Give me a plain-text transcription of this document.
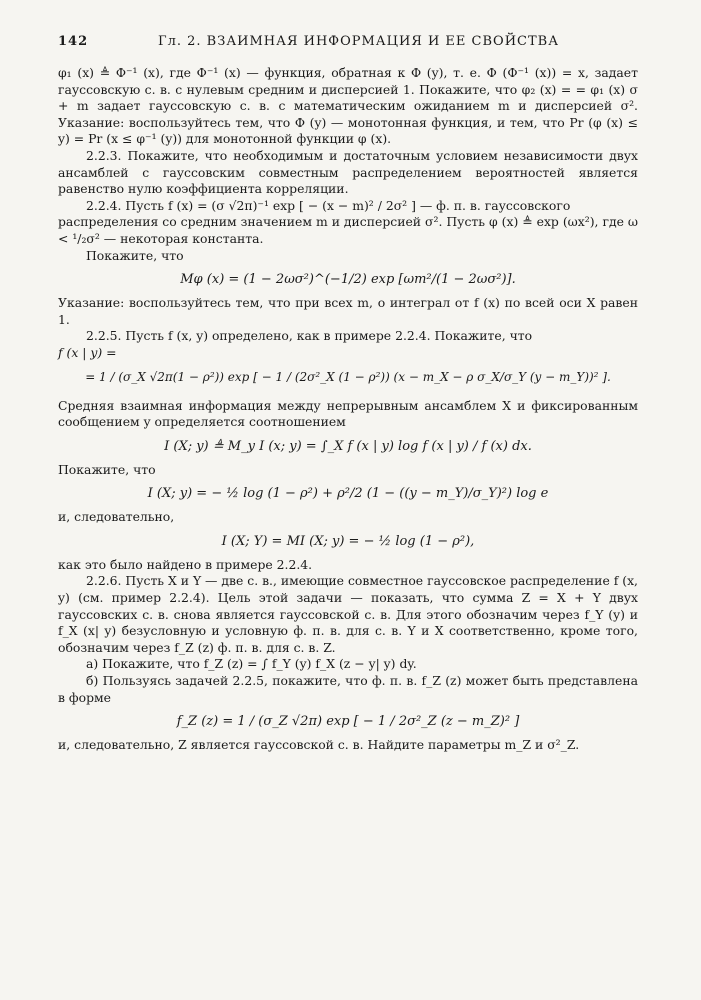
142	Гл. 2. ВЗАИМНАЯ ИНФОРМАЦИЯ И ЕЕ СВОЙСТВА

φ₁ (x) ≜ Φ⁻¹ (x), где Φ⁻¹ (x) — функция, обратная к Φ (y), т. е. Φ (Φ⁻¹ (x)) = x, задает гауссовскую с. в. с нулевым средним и дисперсией 1. Покажите, что φ₂ (x) = = φ₁ (x) σ + m задает гауссовскую с. в. с математическим ожиданием m и дисперсией σ². Указание: воспользуйтесь тем, что Φ (y) — монотонная функция, и тем, что Pr (φ (x) ≤ y) = Pr (x ≤ φ⁻¹ (y)) для монотонной функции φ (x).

2.2.3. Покажите, что необходимым и достаточным условием независимости двух ансамблей с гауссовским совместным распределением вероятностей является равенство нулю коэффициента корреляции.

2.2.4. Пусть f (x) = (σ √2π)⁻¹ exp [ − (x − m)² / 2σ² ] — ф. п. в. гауссовского

распределения со средним значением m и дисперсией σ². Пусть φ (x) ≜ exp (ωx²), где ω < ¹/₂σ² — некоторая константа.

Покажите, что

Mφ (x) = (1 − 2ωσ²)^(−1/2) exp [ωm²/(1 − 2ωσ²)].

Указание: воспользуйтесь тем, что при всех m, о интеграл от f (x) по всей оси X равен 1.

2.2.5. Пусть f (x, y) определено, как в примере 2.2.4. Покажите, что

f (x | y) =

= 1 / (σ_X √2π(1 − ρ²)) exp [ − 1 / (2σ²_X (1 − ρ²)) (x − m_X − ρ σ_X/σ_Y (y − m_Y))² ].

Средняя взаимная информация между непрерывным ансамблем X и фиксированным сообщением y определяется соотношением

I (X; y) ≜ M_y I (x; y) = ∫_X f (x | y) log f (x | y) / f (x) dx.

Покажите, что

I (X; y) = − ½ log (1 − ρ²) + ρ²/2 (1 − ((y − m_Y)/σ_Y)²) log e

и, следовательно,

I (X; Y) = MI (X; y) = − ½ log (1 − ρ²),

как это было найдено в примере 2.2.4.

2.2.6. Пусть X и Y — две с. в., имеющие совместное гауссовское распределение f (x, y) (см. пример 2.2.4). Цель этой задачи — показать, что сумма Z = X + Y двух гауссовских с. в. снова является гауссовской с. в. Для этого обозначим через f_Y (y) и f_X (x| y) безусловную и условную ф. п. в. для с. в. Y и X соответственно, кроме того, обозначим через f_Z (z) ф. п. в. для с. в. Z.

а) Покажите, что f_Z (z) = ∫ f_Y (y) f_X (z − y| y) dy.

б) Пользуясь задачей 2.2.5, покажите, что ф. п. в. f_Z (z) может быть представлена в форме

f_Z (z) = 1 / (σ_Z √2π) exp [ − 1 / 2σ²_Z (z − m_Z)² ]

и, следовательно, Z является гауссовской с. в. Найдите параметры m_Z и σ²_Z.
